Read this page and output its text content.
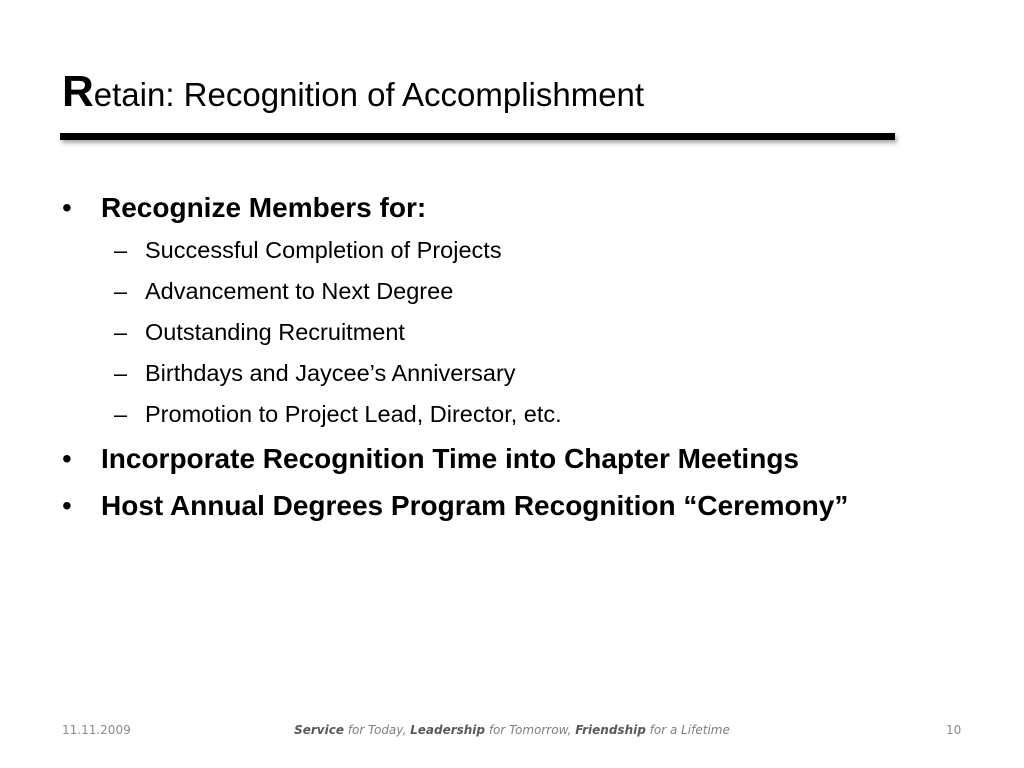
Retain: Recognition of Accomplishment
• Recognize Members for:
– Successful Completion of Projects
– Advancement to Next Degree
– Outstanding Recruitment
– Birthdays and Jaycee’s Anniversary
– Promotion to Project Lead, Director, etc.
• Incorporate Recognition Time into Chapter Meetings
• Host Annual Degrees Program Recognition “Ceremony”
11.11.2009	Service for Today, Leadership for Tomorrow, Friendship for a Lifetime	10
